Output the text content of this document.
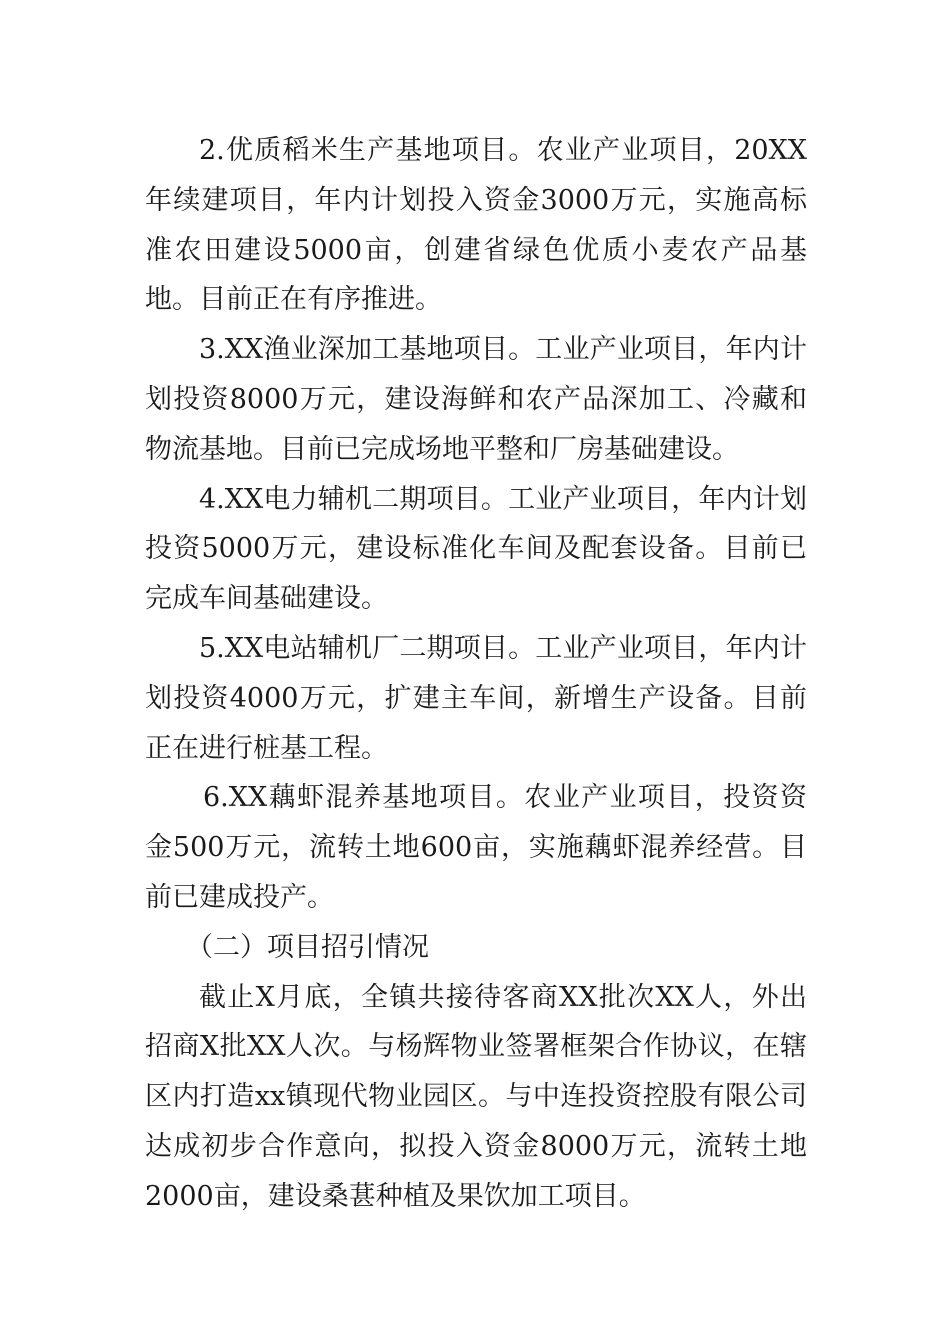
2.优质稻米生产基地项目。农业产业项目，20XX年续建项目，年内计划投入资金3000万元，实施高标准农田建设5000亩，创建省绿色优质小麦农产品基地。目前正在有序推进。

3.XX渔业深加工基地项目。工业产业项目，年内计划投资8000万元，建设海鲜和农产品深加工、冷藏和物流基地。目前已完成场地平整和厂房基础建设。

4.XX电力辅机二期项目。工业产业项目，年内计划投资5000万元，建设标准化车间及配套设备。目前已完成车间基础建设。

5.XX电站辅机厂二期项目。工业产业项目，年内计划投资4000万元，扩建主车间，新增生产设备。目前正在进行桩基工程。

6.XX藕虾混养基地项目。农业产业项目，投资资金500万元，流转土地600亩，实施藕虾混养经营。目前已建成投产。

（二）项目招引情况

截止X月底，全镇共接待客商XX批次XX人，外出招商X批XX人次。与杨辉物业签署框架合作协议，在辖区内打造xx镇现代物业园区。与中连投资控股有限公司达成初步合作意向，拟投入资金8000万元，流转土地2000亩，建设桑葚种植及果饮加工项目。
